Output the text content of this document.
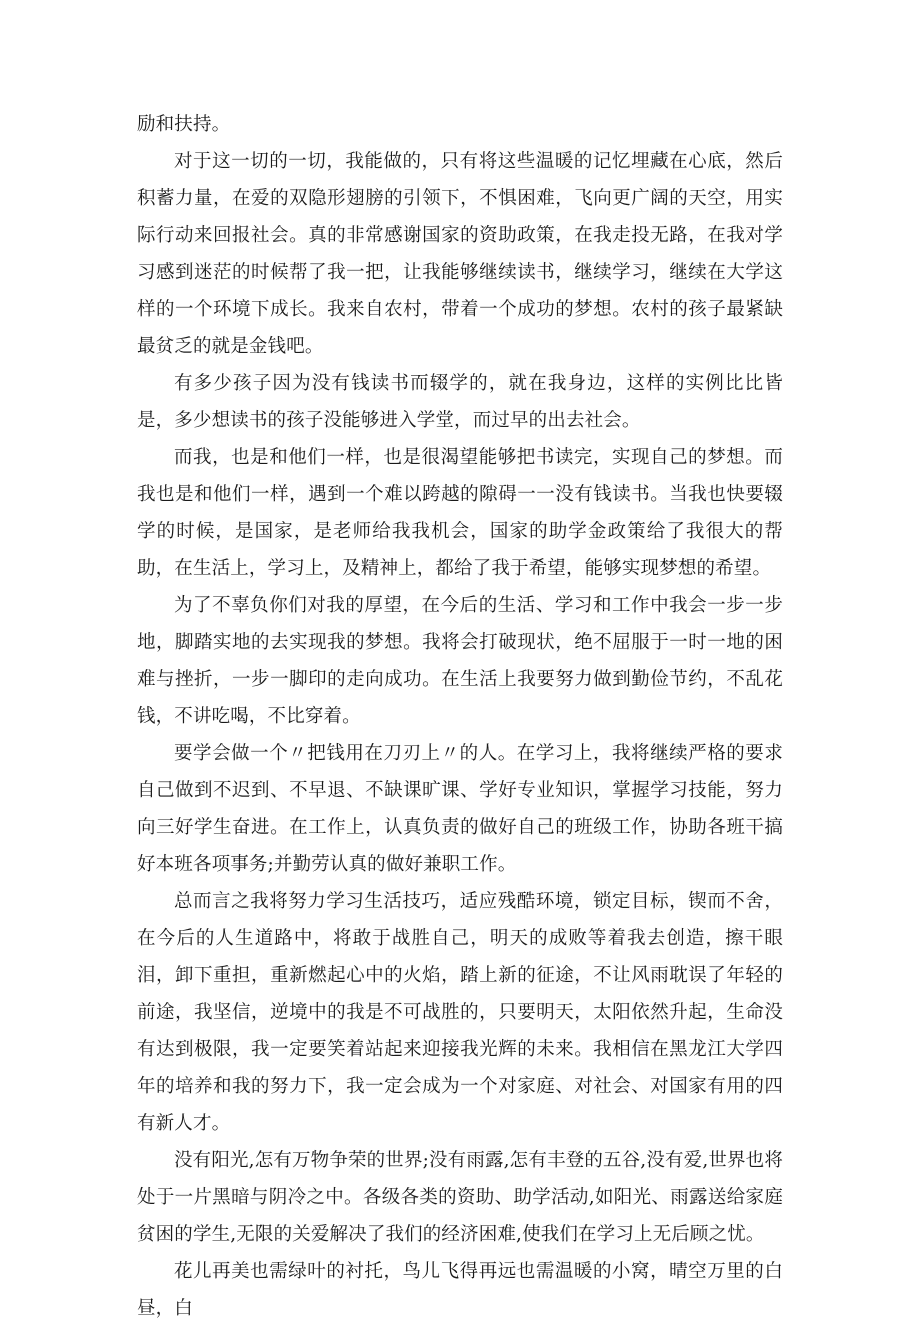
励和扶持。

对于这一切的一切，我能做的，只有将这些温暖的记忆埋藏在心底，然后积蓄力量，在爱的双隐形翅膀的引领下，不惧困难，飞向更广阔的天空，用实际行动来回报社会。真的非常感谢国家的资助政策，在我走投无路，在我对学习感到迷茫的时候帮了我一把，让我能够继续读书，继续学习，继续在大学这样的一个环境下成长。我来自农村，带着一个成功的梦想。农村的孩子最紧缺最贫乏的就是金钱吧。

有多少孩子因为没有钱读书而辍学的，就在我身边，这样的实例比比皆是，多少想读书的孩子没能够进入学堂，而过早的出去社会。

而我，也是和他们一样，也是很渴望能够把书读完，实现自己的梦想。而我也是和他们一样，遇到一个难以跨越的隙碍一一没有钱读书。当我也快要辍学的时候，是国家，是老师给我我机会，国家的助学金政策给了我很大的帮助，在生活上，学习上，及精神上，都给了我于希望，能够实现梦想的希望。

为了不辜负你们对我的厚望，在今后的生活、学习和工作中我会一步一步地，脚踏实地的去实现我的梦想。我将会打破现状，绝不屈服于一时一地的困难与挫折，一步一脚印的走向成功。在生活上我要努力做到勤俭节约，不乱花钱，不讲吃喝，不比穿着。

要学会做一个〃把钱用在刀刃上〃的人。在学习上，我将继续严格的要求自己做到不迟到、不早退、不缺课旷课、学好专业知识，掌握学习技能，努力向三好学生奋进。在工作上，认真负责的做好自己的班级工作，协助各班干搞好本班各项事务;并勤劳认真的做好兼职工作。

总而言之我将努力学习生活技巧，适应残酷环境，锁定目标，锲而不舍，在今后的人生道路中，将敢于战胜自己，明天的成败等着我去创造，擦干眼泪，卸下重担，重新燃起心中的火焰，踏上新的征途，不让风雨耽误了年轻的前途，我坚信，逆境中的我是不可战胜的，只要明天，太阳依然升起，生命没有达到极限，我一定要笑着站起来迎接我光辉的未来。我相信在黑龙江大学四年的培养和我的努力下，我一定会成为一个对家庭、对社会、对国家有用的四有新人才。

没有阳光,怎有万物争荣的世界;没有雨露,怎有丰登的五谷,没有爱,世界也将处于一片黑暗与阴冷之中。各级各类的资助、助学活动,如阳光、雨露送给家庭贫困的学生,无限的关爱解决了我们的经济困难,使我们在学习上无后顾之忧。

花儿再美也需绿叶的衬托，鸟儿飞得再远也需温暖的小窝，晴空万里的白昼，白
